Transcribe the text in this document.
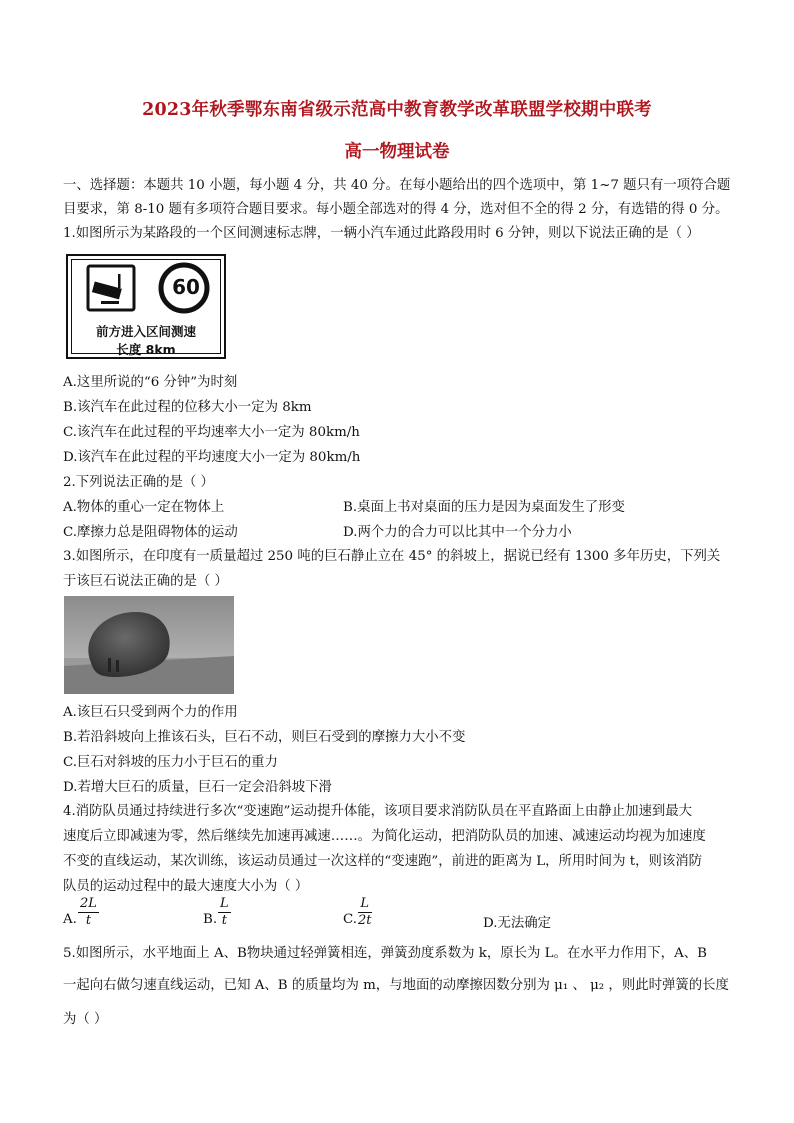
2023年秋季鄂东南省级示范高中教育教学改革联盟学校期中联考
高一物理试卷
一、选择题：本题共 10 小题，每小题 4 分，共 40 分。在每小题给出的四个选项中，第 1~7 题只有一项符合题
目要求，第 8-10 题有多项符合题目要求。每小题全部选对的得 4 分，选对但不全的得 2 分，有选错的得 0 分。
1.如图所示为某路段的一个区间测速标志牌，一辆小汽车通过此路段用时 6 分钟，则以下说法正确的是（ ）
60
前方进入区间测速
长度 8km
A.这里所说的“6 分钟”为时刻
B.该汽车在此过程的位移大小一定为 8km
C.该汽车在此过程的平均速率大小一定为 80km/h
D.该汽车在此过程的平均速度大小一定为 80km/h
2.下列说法正确的是（ ）
A.物体的重心一定在物体上	B.桌面上书对桌面的压力是因为桌面发生了形变
C.摩擦力总是阻碍物体的运动	D.两个力的合力可以比其中一个分力小
3.如图所示，在印度有一质量超过 250 吨的巨石静止立在 45° 的斜坡上，据说已经有 1300 多年历史，下列关
于该巨石说法正确的是（ ）
A.该巨石只受到两个力的作用
B.若沿斜坡向上推该石头，巨石不动，则巨石受到的摩擦力大小不变
C.巨石对斜坡的压力小于巨石的重力
D.若增大巨石的质量，巨石一定会沿斜坡下滑
4.消防队员通过持续进行多次“变速跑”运动提升体能，该项目要求消防队员在平直路面上由静止加速到最大
速度后立即减速为零，然后继续先加速再减速……。为简化运动，把消防队员的加速、减速运动均视为加速度
不变的直线运动，某次训练，该运动员通过一次这样的“变速跑”，前进的距离为 L，所用时间为 t，则该消防
队员的运动过程中的最大速度大小为（ ）
A. $\frac{2L}{t}$	B. $\frac{L}{t}$	C. $\frac{L}{2t}$	D.无法确定
5.如图所示，水平地面上 A、B物块通过轻弹簧相连，弹簧劲度系数为 k，原长为 L。在水平力作用下，A、B
一起向右做匀速直线运动，已知 A、B 的质量均为 m，与地面的动摩擦因数分别为 μ₁ 、 μ₂ ，则此时弹簧的长度
为（ ）
